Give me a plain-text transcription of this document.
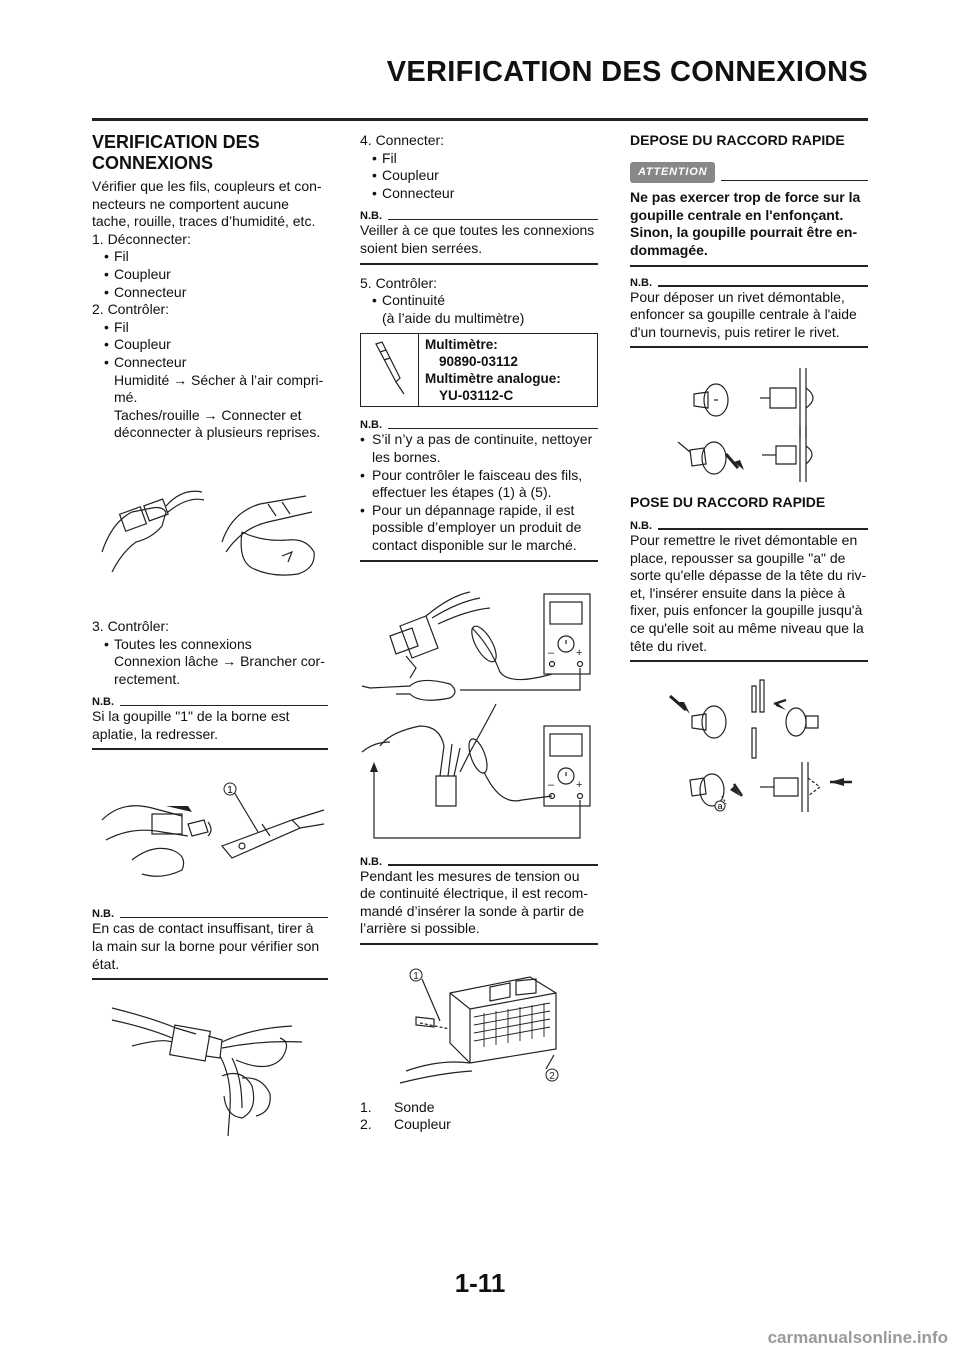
VERIFICATION DES CONNEXIONS
VERIFICATION DES CONNEXIONS
Vérifier que les fils, coupleurs et con-necteurs ne comportent aucune tache, rouille, traces d’humidité, etc.
1. Déconnecter:
• Fil
• Coupleur
• Connecteur
2. Contrôler:
• Fil
• Coupleur
• Connecteur
Humidité → Sécher à l’air compri-mé.
Taches/rouille → Connecter et déconnecter à plusieurs reprises.
3. Contrôler:
• Toutes les connexions
Connexion lâche → Brancher cor-rectement.
N.B.
Si la goupille "1" de la borne est aplatie, la redresser.
1
N.B.
En cas de contact insuffisant, tirer à la main sur la borne pour vérifier son état.
4. Connecter:
• Fil
• Coupleur
• Connecteur
N.B.
Veiller à ce que toutes les connexions soient bien serrées.
5. Contrôler:
• Continuité
(à l’aide du multimètre)
Multimètre:
90890-03112
Multimètre analogue:
YU-03112-C
N.B.
• S’il n’y a pas de continuite, nettoyer les bornes.
• Pour contrôler le faisceau des fils, effectuer les étapes (1) à (5).
• Pour un dépannage rapide, il est possible d’employer un produit de contact disponible sur le marché.
– +
– +
N.B.
Pendant les mesures de tension ou de continuité électrique, il est recom-mandé d’insérer la sonde à partir de l’arrière si possible.
1
2
1.	Sonde
2.	Coupleur
DEPOSE DU RACCORD RAPIDE
ATTENTION
Ne pas exercer trop de force sur la goupille centrale en l'enfonçant. Sinon, la goupille pourrait être en-dommagée.
N.B.
Pour déposer un rivet démontable, enfoncer sa goupille centrale à l'aide d'un tournevis, puis retirer le rivet.
POSE DU RACCORD RAPIDE
N.B.
Pour remettre le rivet démontable en place, repousser sa goupille "a" de sorte qu'elle dépasse de la tête du riv-et, l'insérer ensuite dans la pièce à fixer, puis enfoncer la goupille jusqu'à ce qu'elle soit au même niveau que la tête du rivet.
a
1-11
carmanualsonline.info
